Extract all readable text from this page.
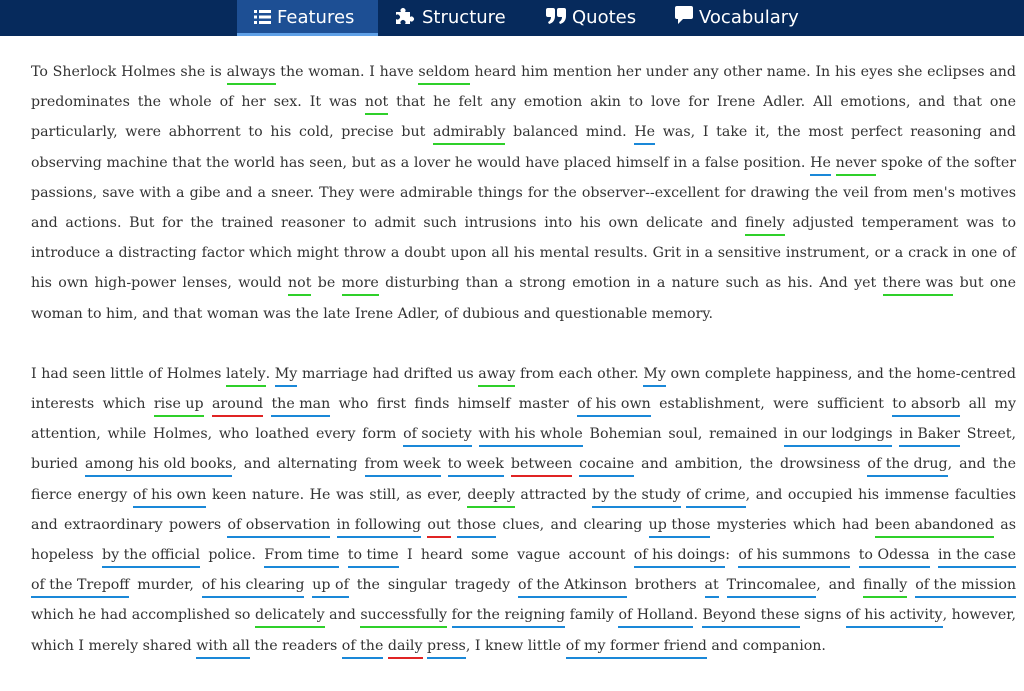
Features	Structure	Quotes	Vocabulary

To Sherlock Holmes she is always the woman. I have seldom heard him mention her under any other name. In his eyes she eclipses and predominates the whole of her sex. It was not that he felt any emotion akin to love for Irene Adler. All emotions, and that one particularly, were abhorrent to his cold, precise but admirably balanced mind. He was, I take it, the most perfect reasoning and observing machine that the world has seen, but as a lover he would have placed himself in a false position. He never spoke of the softer passions, save with a gibe and a sneer. They were admirable things for the observer--excellent for drawing the veil from men's motives and actions. But for the trained reasoner to admit such intrusions into his own delicate and finely adjusted temperament was to introduce a distracting factor which might throw a doubt upon all his mental results. Grit in a sensitive instrument, or a crack in one of his own high-power lenses, would not be more disturbing than a strong emotion in a nature such as his. And yet there was but one woman to him, and that woman was the late Irene Adler, of dubious and questionable memory.

I had seen little of Holmes lately. My marriage had drifted us away from each other. My own complete happiness, and the home-centred interests which rise up around the man who first finds himself master of his own establishment, were sufficient to absorb all my attention, while Holmes, who loathed every form of society with his whole Bohemian soul, remained in our lodgings in Baker Street, buried among his old books, and alternating from week to week between cocaine and ambition, the drowsiness of the drug, and the fierce energy of his own keen nature. He was still, as ever, deeply attracted by the study of crime, and occupied his immense faculties and extraordinary powers of observation in following out those clues, and clearing up those mysteries which had been abandoned as hopeless by the official police. From time to time I heard some vague account of his doings: of his summons to Odessa in the case of the Trepoff murder, of his clearing up of the singular tragedy of the Atkinson brothers at Trincomalee, and finally of the mission which he had accomplished so delicately and successfully for the reigning family of Holland. Beyond these signs of his activity, however, which I merely shared with all the readers of the daily press, I knew little of my former friend and companion.
